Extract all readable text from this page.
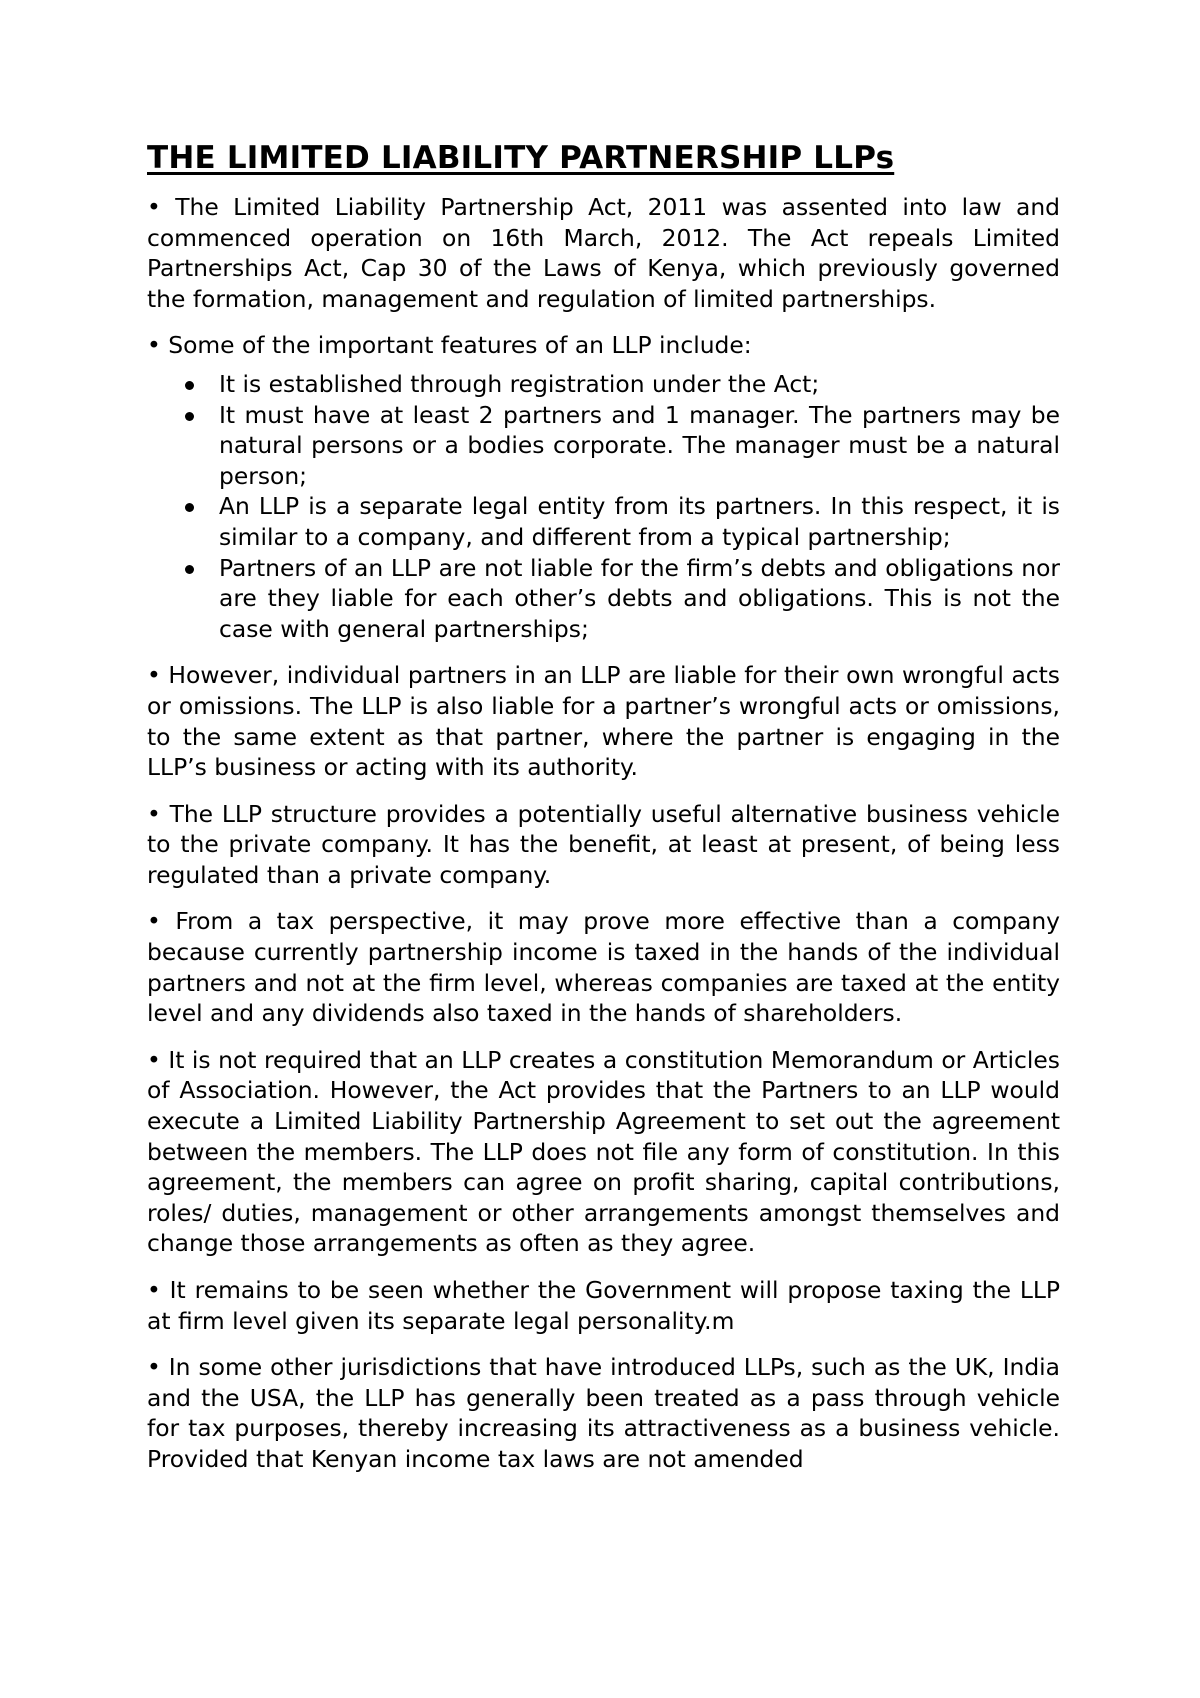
THE LIMITED LIABILITY PARTNERSHIP LLPs

• The Limited Liability Partnership Act, 2011 was assented into law and commenced operation on 16th March, 2012. The Act repeals Limited Partnerships Act, Cap 30 of the Laws of Kenya, which previously governed the formation, management and regulation of limited partnerships.

• Some of the important features of an LLP include:

It is established through registration under the Act;
It must have at least 2 partners and 1 manager. The partners may be natural persons or a bodies corporate. The manager must be a natural person;
An LLP is a separate legal entity from its partners. In this respect, it is similar to a company, and different from a typical partnership;
Partners of an LLP are not liable for the firm’s debts and obligations nor are they liable for each other’s debts and obligations. This is not the case with general partnerships;

• However, individual partners in an LLP are liable for their own wrongful acts or omissions. The LLP is also liable for a partner’s wrongful acts or omissions, to the same extent as that partner, where the partner is engaging in the LLP’s business or acting with its authority.

• The LLP structure provides a potentially useful alternative business vehicle to the private company. It has the benefit, at least at present, of being less regulated than a private company.

• From a tax perspective, it may prove more effective than a company because currently partnership income is taxed in the hands of the individual partners and not at the firm level, whereas companies are taxed at the entity level and any dividends also taxed in the hands of shareholders.

• It is not required that an LLP creates a constitution Memorandum or Articles of Association. However, the Act provides that the Partners to an LLP would execute a Limited Liability Partnership Agreement to set out the agreement between the members. The LLP does not file any form of constitution. In this agreement, the members can agree on profit sharing, capital contributions, roles/ duties, management or other arrangements amongst themselves and change those arrangements as often as they agree.

• It remains to be seen whether the Government will propose taxing the LLP at firm level given its separate legal personality.m

• In some other jurisdictions that have introduced LLPs, such as the UK, India and the USA, the LLP has generally been treated as a pass through vehicle for tax purposes, thereby increasing its attractiveness as a business vehicle. Provided that Kenyan income tax laws are not amended
